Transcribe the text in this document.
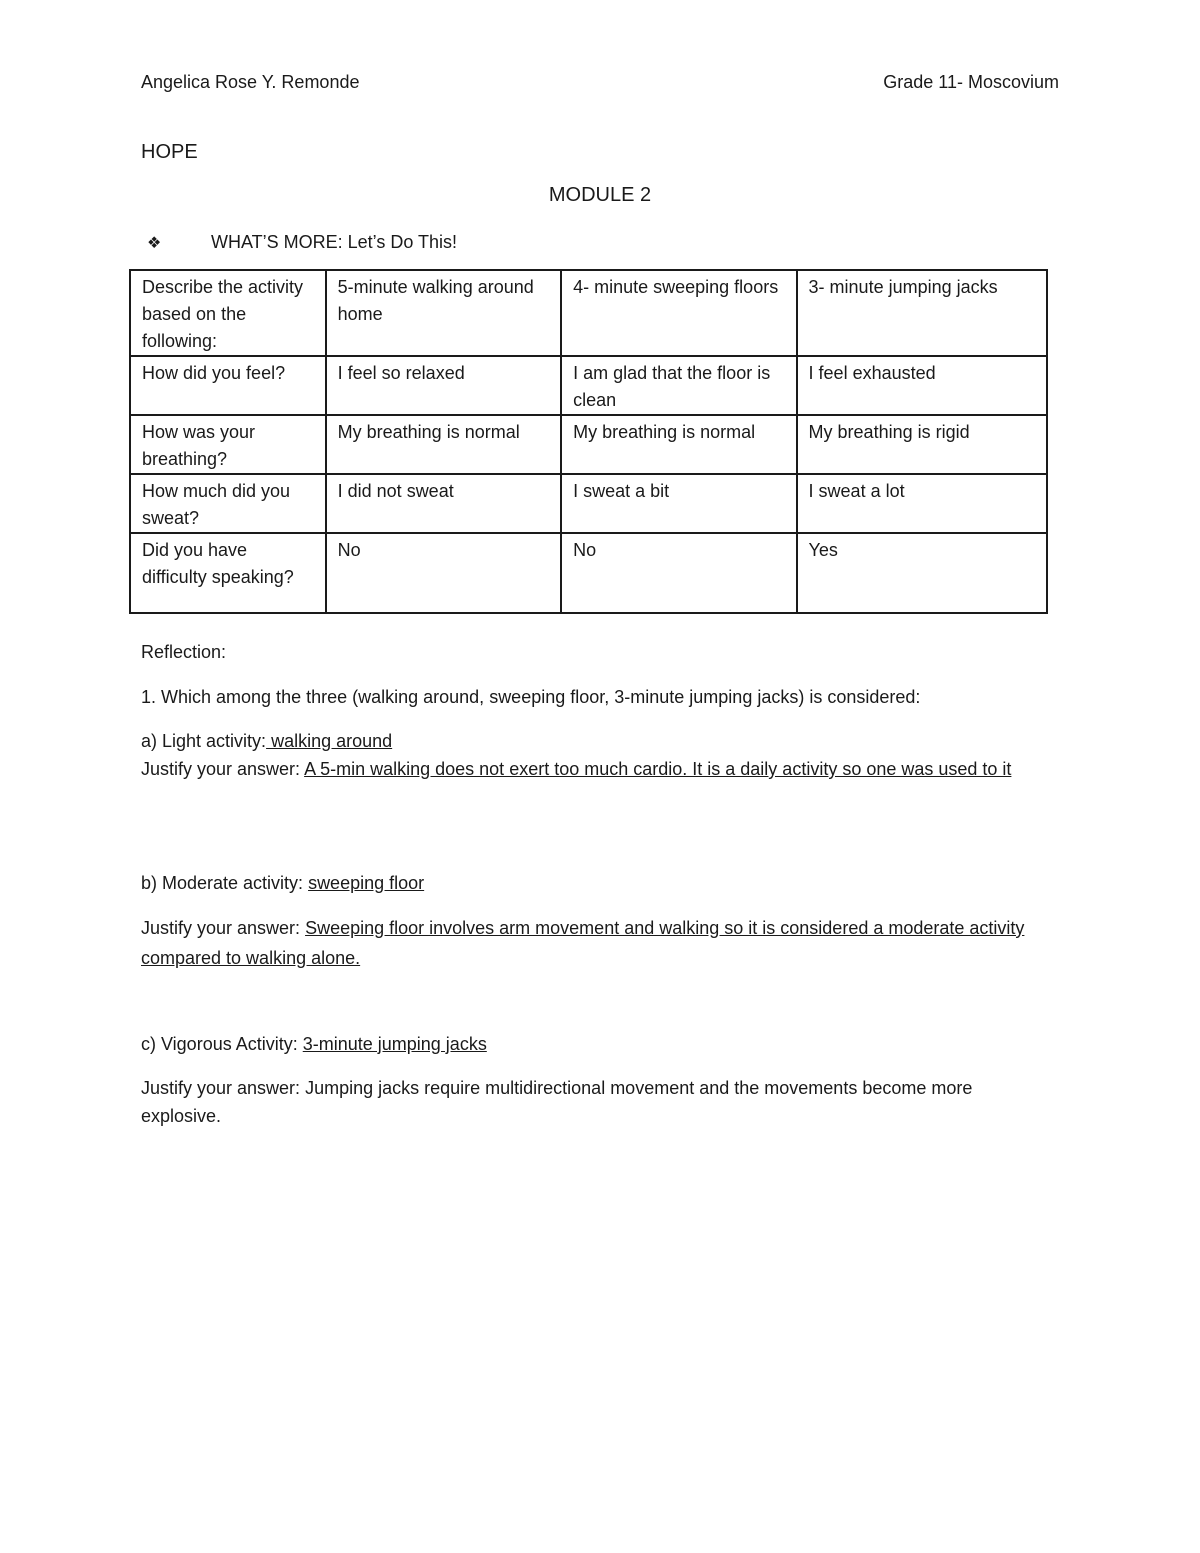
Angelica Rose Y. Remonde	Grade 11- Moscovium
HOPE
MODULE 2
❖	WHAT’S MORE: Let’s Do This!
Describe the activity based on the following:	5-minute walking around home	4- minute sweeping floors	3- minute jumping jacks
How did you feel?	I feel so relaxed	I am glad that the floor is clean	I feel exhausted
How was your breathing?	My breathing is normal	My breathing is normal	My breathing is rigid
How much did you sweat?	I did not sweat	I sweat a bit	I sweat a lot
Did you have difficulty speaking?	No	No	Yes
Reflection:
1. Which among the three (walking around, sweeping floor, 3-minute jumping jacks) is considered:
a) Light activity: walking around
Justify your answer: A 5-min walking does not exert too much cardio. It is a daily activity so one was used to it
b) Moderate activity: sweeping floor
Justify your answer: Sweeping floor involves arm movement and walking so it is considered a moderate activity compared to walking alone.
c) Vigorous Activity: 3-minute jumping jacks
Justify your answer: Jumping jacks require multidirectional movement and the movements become more explosive.
